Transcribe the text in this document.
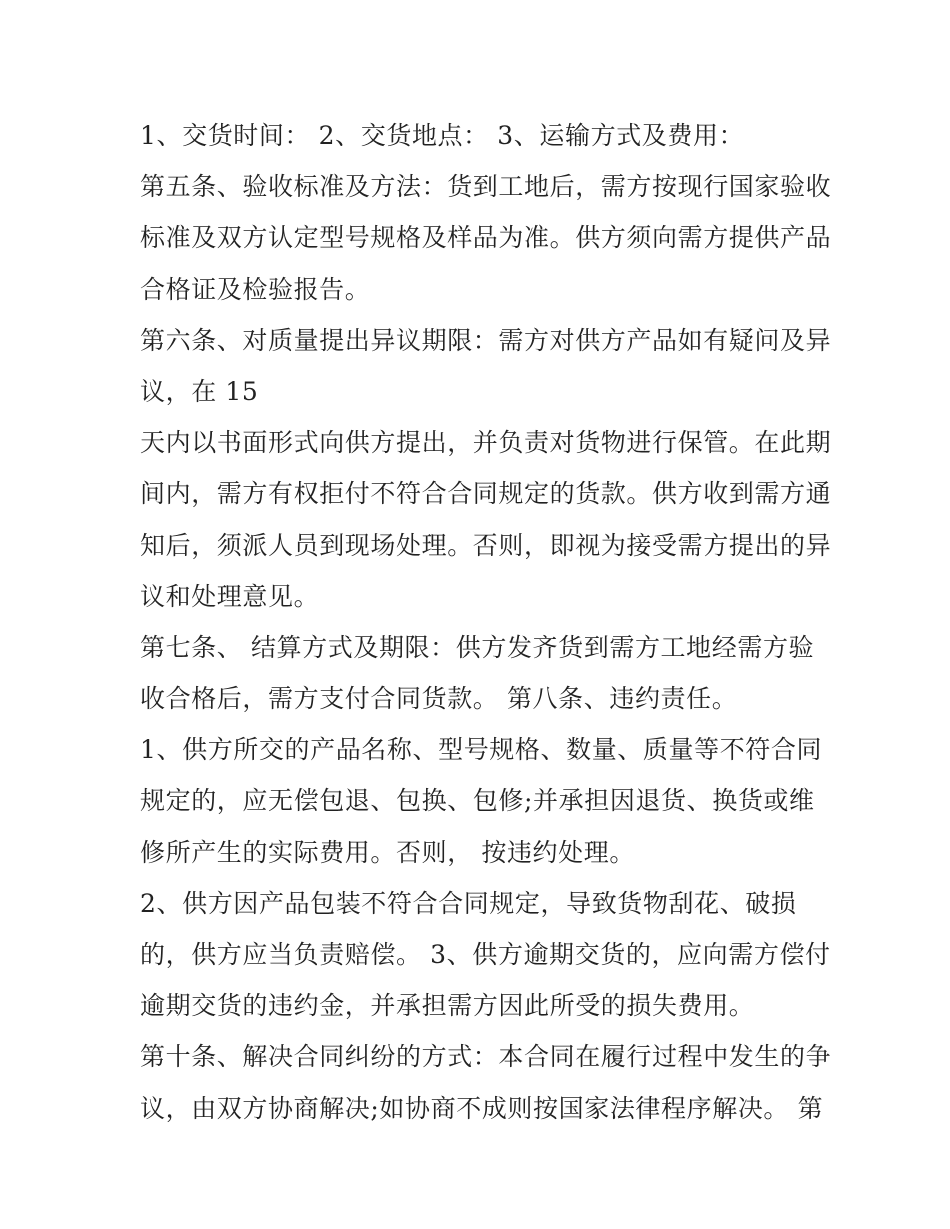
1、交货时间： 2、交货地点： 3、运输方式及费用：
第五条、验收标准及方法：货到工地后，需方按现行国家验收
标准及双方认定型号规格及样品为准。供方须向需方提供产品
合格证及检验报告。
第六条、对质量提出异议期限：需方对供方产品如有疑问及异
议，在 15
天内以书面形式向供方提出，并负责对货物进行保管。在此期
间内，需方有权拒付不符合合同规定的货款。供方收到需方通
知后，须派人员到现场处理。否则，即视为接受需方提出的异
议和处理意见。
第七条、 结算方式及期限：供方发齐货到需方工地经需方验
收合格后，需方支付合同货款。 第八条、违约责任。
1、供方所交的产品名称、型号规格、数量、质量等不符合同
规定的，应无偿包退、包换、包修;并承担因退货、换货或维
修所产生的实际费用。否则， 按违约处理。
2、供方因产品包装不符合合同规定，导致货物刮花、破损
的，供方应当负责赔偿。 3、供方逾期交货的，应向需方偿付
逾期交货的违约金，并承担需方因此所受的损失费用。
第十条、解决合同纠纷的方式：本合同在履行过程中发生的争
议，由双方协商解决;如协商不成则按国家法律程序解决。 第
